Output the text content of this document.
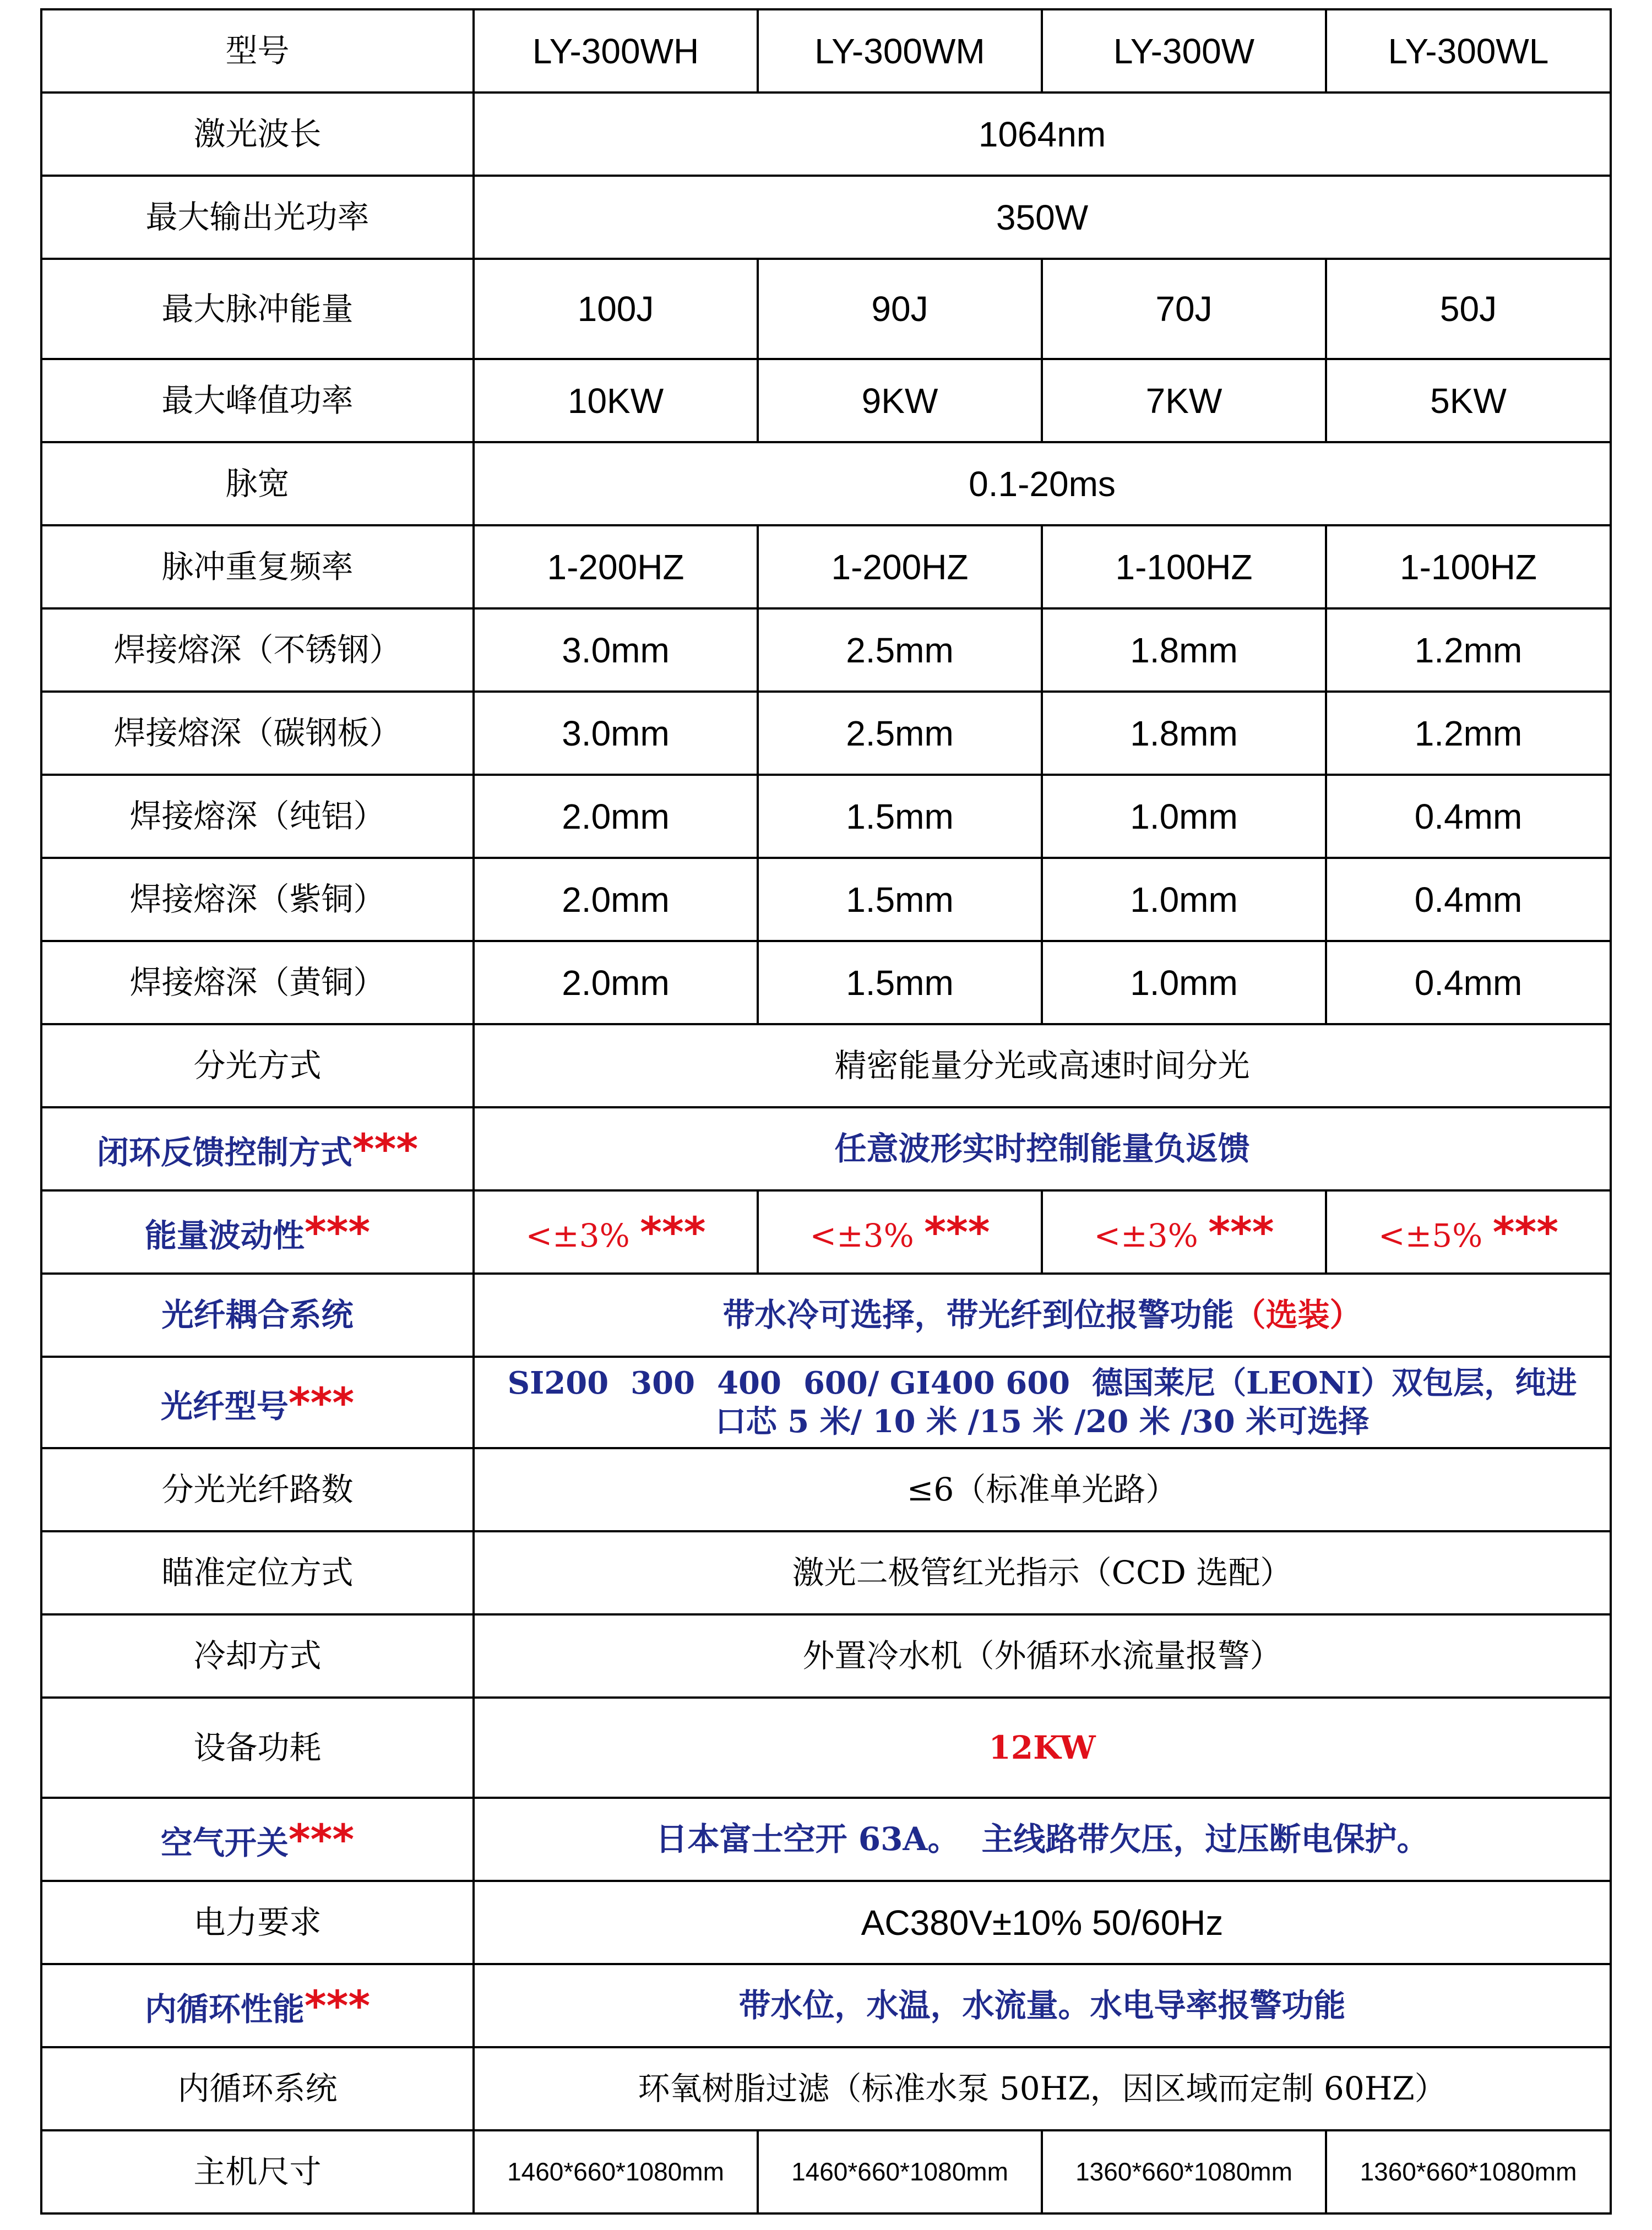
型号	LY-300WH	LY-300WM	LY-300W	LY-300WL
激光波长	1064nm			
最大输出光功率	350W			
最大脉冲能量	100J	90J	70J	50J
最大峰值功率	10KW	9KW	7KW	5KW
脉宽	0.1-20ms			
脉冲重复频率	1-200HZ	1-200HZ	1-100HZ	1-100HZ
焊接熔深（不锈钢）	3.0mm	2.5mm	1.8mm	1.2mm
焊接熔深（碳钢板）	3.0mm	2.5mm	1.8mm	1.2mm
焊接熔深（纯铝）	2.0mm	1.5mm	1.0mm	0.4mm
焊接熔深（紫铜）	2.0mm	1.5mm	1.0mm	0.4mm
焊接熔深（黄铜）	2.0mm	1.5mm	1.0mm	0.4mm
分光方式	精密能量分光或高速时间分光			
闭环反馈控制方式***	任意波形实时控制能量负返馈			
能量波动性***	<±3% ***	<±3% ***	<±3% ***	<±5% ***
光纤耦合系统	带水冷可选择，带光纤到位报警功能（选装）			
光纤型号***	SI200 300 400 600/ GI400 600 德国莱尼（LEONI）双包层，纯进
口芯 5 米/ 10 米 /15 米 /20 米 /30 米可选择			

分光光纤路数	≤6（标准单光路）			
瞄准定位方式	激光二极管红光指示（CCD 选配）			
冷却方式	外置冷水机（外循环水流量报警）			
设备功耗	12KW			
空气开关***	日本富士空开 63A。 主线路带欠压，过压断电保护。			
电力要求	AC380V±10% 50/60Hz			
内循环性能***	带水位，水温，水流量。水电导率报警功能			
内循环系统	环氧树脂过滤（标准水泵 50HZ，因区域而定制 60HZ）			
主机尺寸	1460*660*1080mm	1460*660*1080mm	1360*660*1080mm	1360*660*1080mm
